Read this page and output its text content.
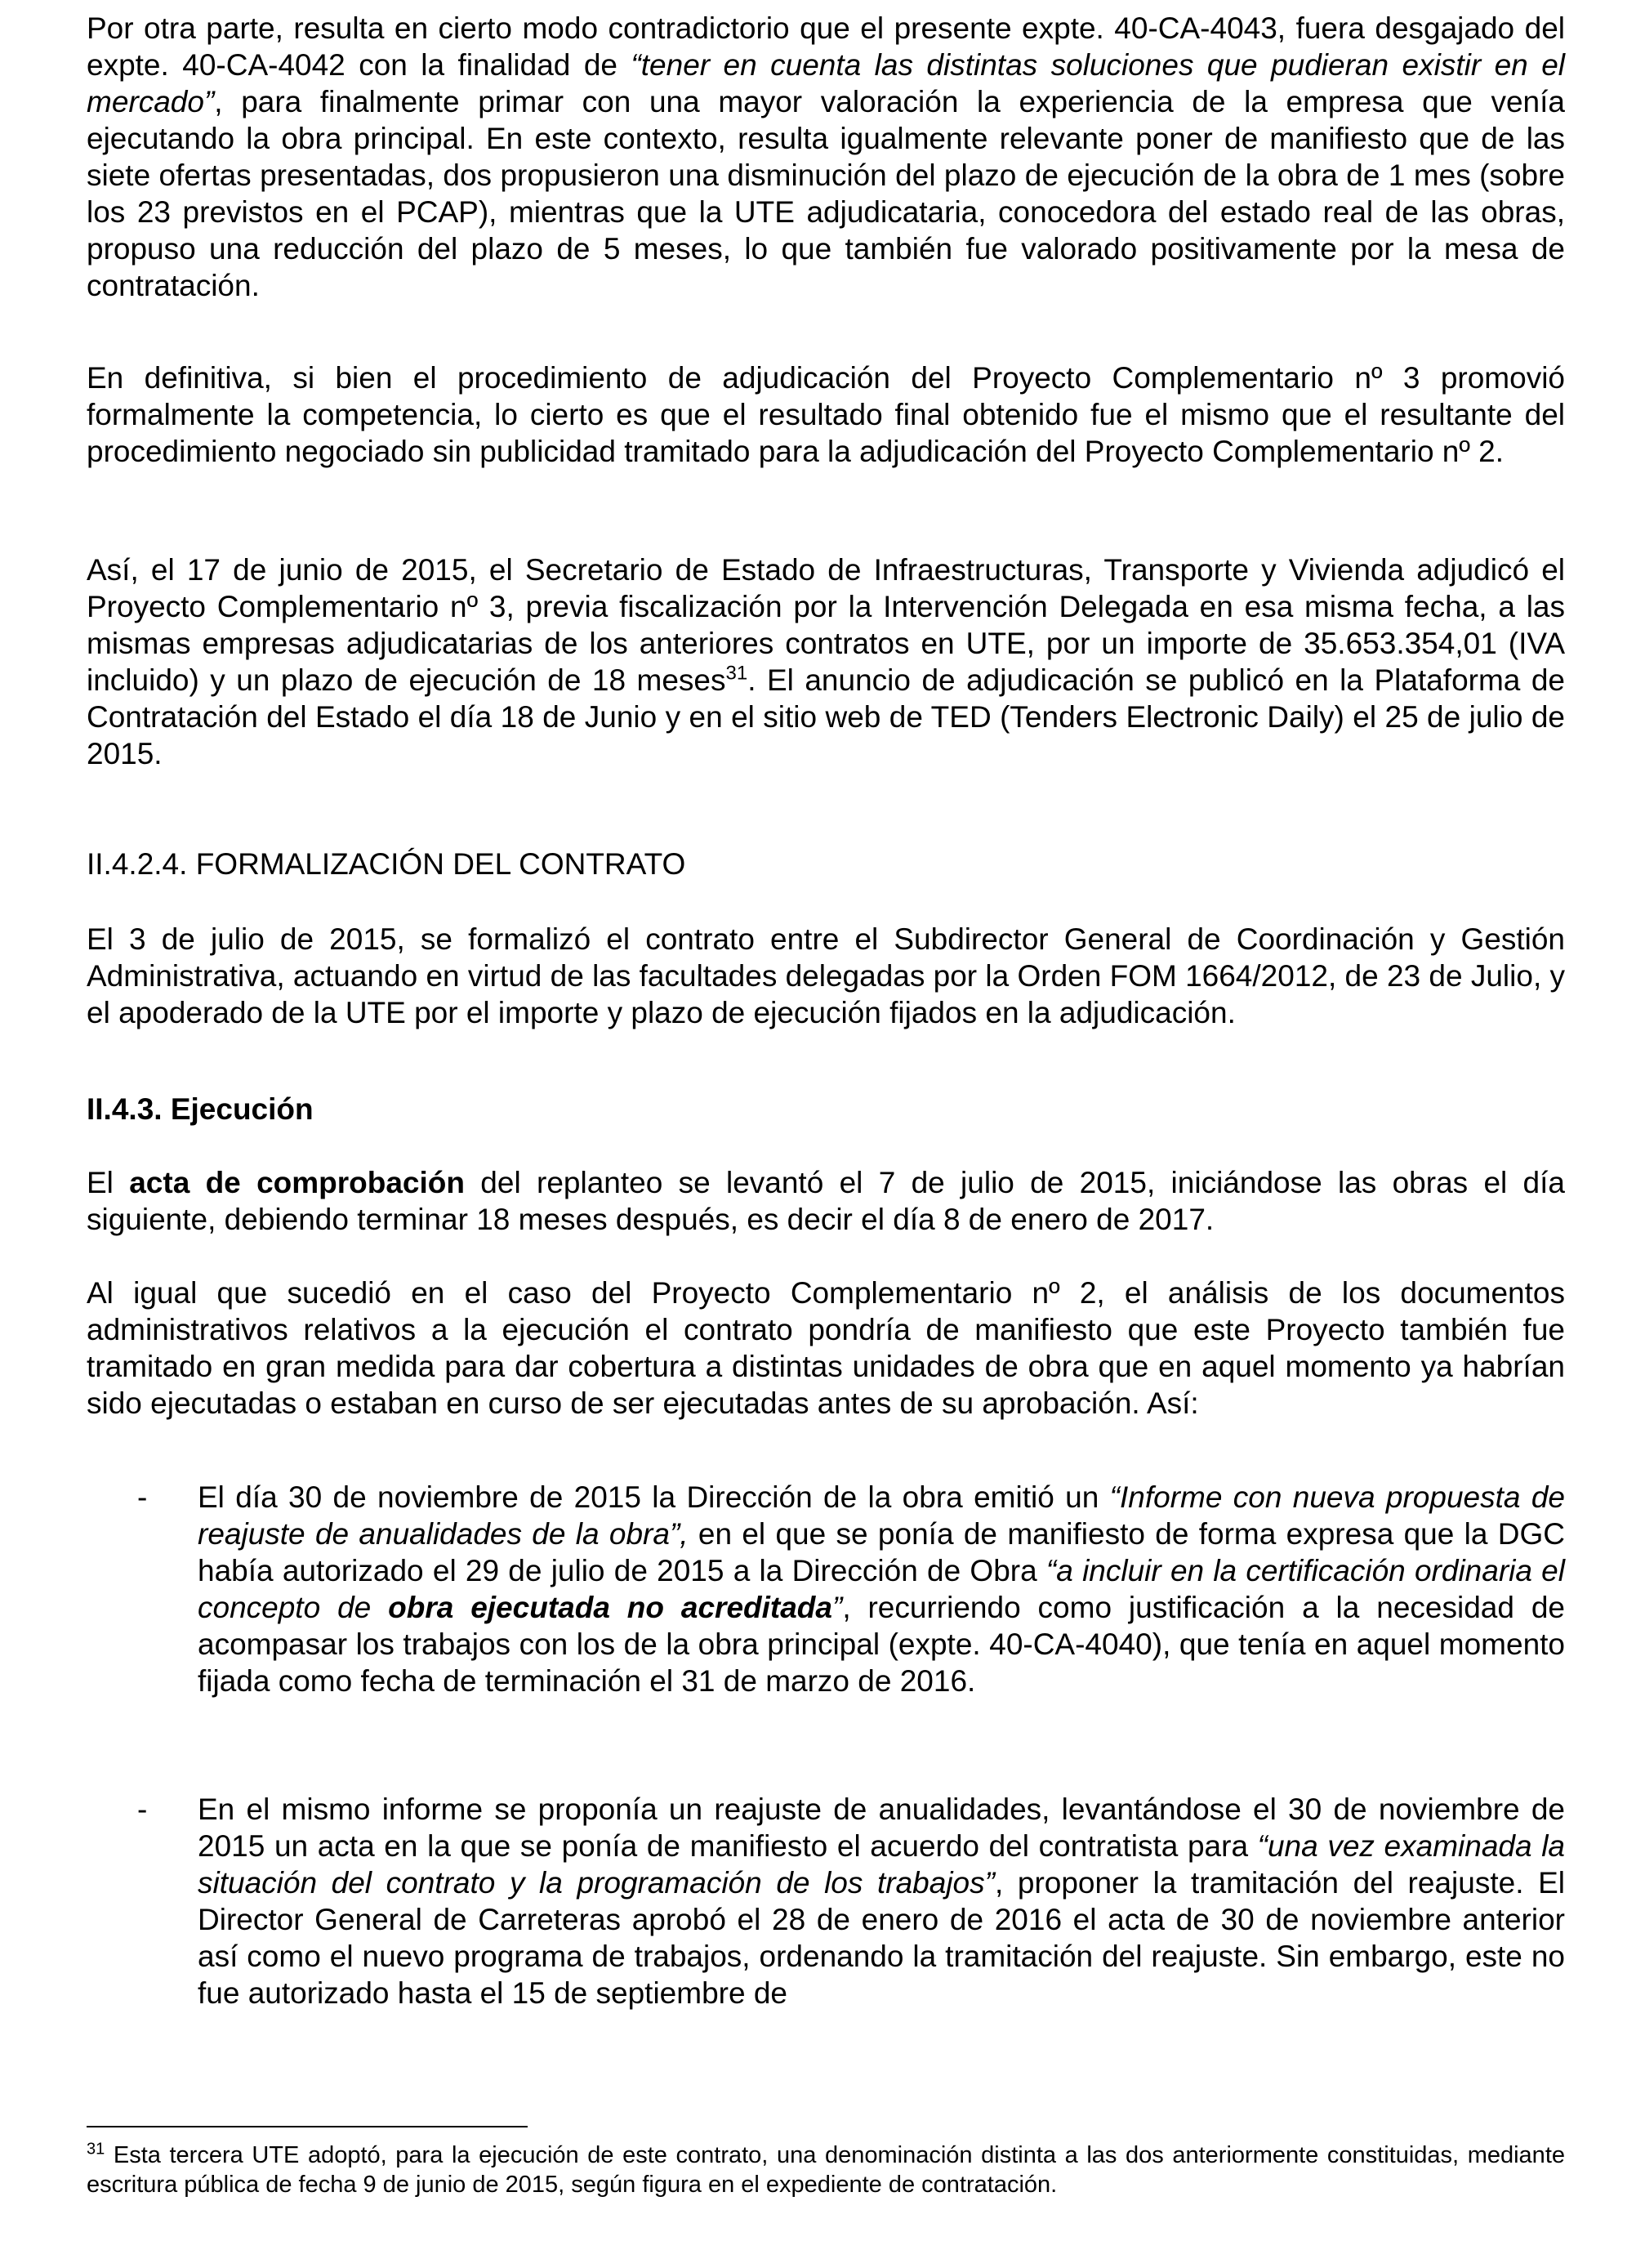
Por otra parte, resulta en cierto modo contradictorio que el presente expte. 40-CA-4043, fuera desgajado del expte. 40-CA-4042 con la finalidad de “tener en cuenta las distintas soluciones que pudieran existir en el mercado”, para finalmente primar con una mayor valoración la experiencia de la empresa que venía ejecutando la obra principal. En este contexto, resulta igualmente relevante poner de manifiesto que de las siete ofertas presentadas, dos propusieron una disminución del plazo de ejecución de la obra de 1 mes (sobre los 23 previstos en el PCAP), mientras que la UTE adjudicataria, conocedora del estado real de las obras, propuso una reducción del plazo de 5 meses, lo que también fue valorado positivamente por la mesa de contratación.

En definitiva, si bien el procedimiento de adjudicación del Proyecto Complementario nº 3 promovió formalmente la competencia, lo cierto es que el resultado final obtenido fue el mismo que el resultante del procedimiento negociado sin publicidad tramitado para la adjudicación del Proyecto Complementario nº 2.

Así, el 17 de junio de 2015, el Secretario de Estado de Infraestructuras, Transporte y Vivienda adjudicó el Proyecto Complementario nº 3, previa fiscalización por la Intervención Delegada en esa misma fecha, a las mismas empresas adjudicatarias de los anteriores contratos en UTE, por un importe de 35.653.354,01 (IVA incluido) y un plazo de ejecución de 18 meses$^{31}$. El anuncio de adjudicación se publicó en la Plataforma de Contratación del Estado el día 18 de Junio y en el sitio web de TED (Tenders Electronic Daily) el 25 de julio de 2015.

II.4.2.4. FORMALIZACIÓN DEL CONTRATO

El 3 de julio de 2015, se formalizó el contrato entre el Subdirector General de Coordinación y Gestión Administrativa, actuando en virtud de las facultades delegadas por la Orden FOM 1664/2012, de 23 de Julio, y el apoderado de la UTE por el importe y plazo de ejecución fijados en la adjudicación.

II.4.3. Ejecución

El acta de comprobación del replanteo se levantó el 7 de julio de 2015, iniciándose las obras el día siguiente, debiendo terminar 18 meses después, es decir el día 8 de enero de 2017.

Al igual que sucedió en el caso del Proyecto Complementario nº 2, el análisis de los documentos administrativos relativos a la ejecución el contrato pondría de manifiesto que este Proyecto también fue tramitado en gran medida para dar cobertura a distintas unidades de obra que en aquel momento ya habrían sido ejecutadas o estaban en curso de ser ejecutadas antes de su aprobación. Así:

-	El día 30 de noviembre de 2015 la Dirección de la obra emitió un “Informe con nueva propuesta de reajuste de anualidades de la obra”, en el que se ponía de manifiesto de forma expresa que la DGC había autorizado el 29 de julio de 2015 a la Dirección de Obra “a incluir en la certificación ordinaria el concepto de obra ejecutada no acreditada”, recurriendo como justificación a la necesidad de acompasar los trabajos con los de la obra principal (expte. 40-CA-4040), que tenía en aquel momento fijada como fecha de terminación el 31 de marzo de 2016.

-	En el mismo informe se proponía un reajuste de anualidades, levantándose el 30 de noviembre de 2015 un acta en la que se ponía de manifiesto el acuerdo del contratista para “una vez examinada la situación del contrato y la programación de los trabajos”, proponer la tramitación del reajuste. El Director General de Carreteras aprobó el 28 de enero de 2016 el acta de 30 de noviembre anterior así como el nuevo programa de trabajos, ordenando la tramitación del reajuste. Sin embargo, este no fue autorizado hasta el 15 de septiembre de

$^{31}$ Esta tercera UTE adoptó, para la ejecución de este contrato, una denominación distinta a las dos anteriormente constituidas, mediante escritura pública de fecha 9 de junio de 2015, según figura en el expediente de contratación.
